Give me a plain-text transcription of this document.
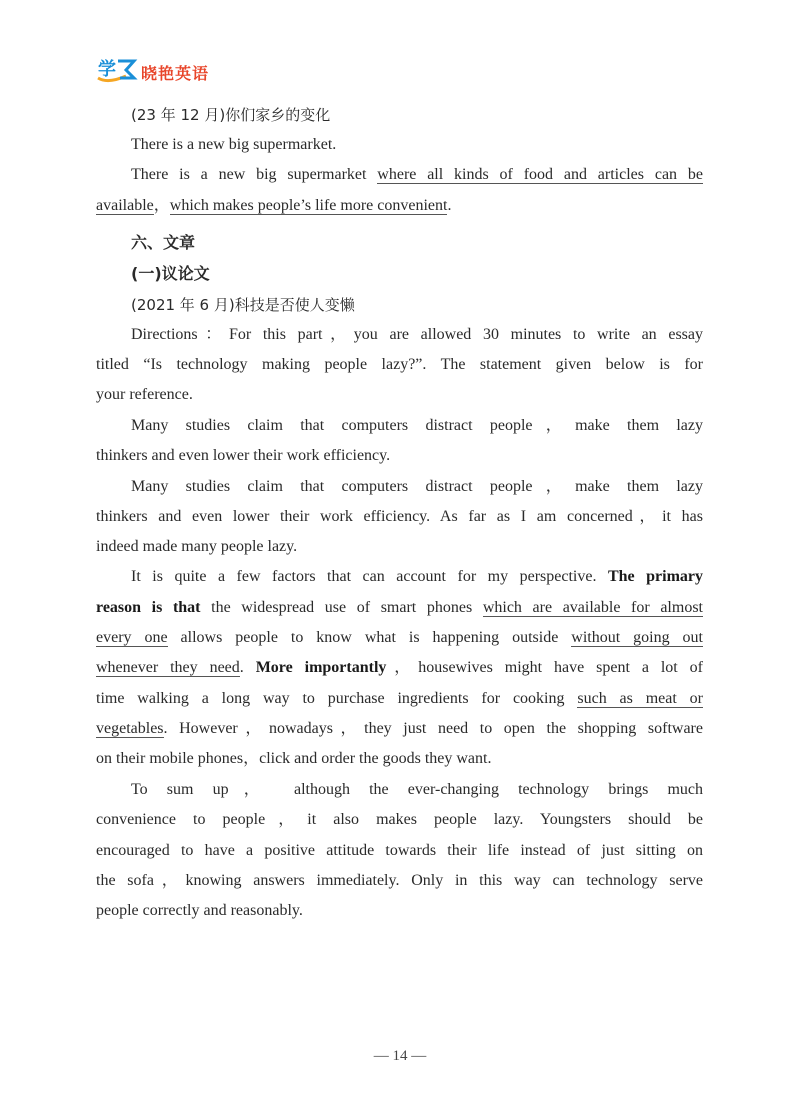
学 晓艳英语
(23 年 12 月)你们家乡的变化
There is a new big supermarket.
There is a new big supermarket where all kinds of food and articles can be
available，which makes people’s life more convenient.
六、文章
(一)议论文
(2021 年 6 月)科技是否使人变懒
Directions：For this part，you are allowed 30 minutes to write an essay
titled “Is technology making people lazy?”. The statement given below is for
your reference.
Many studies claim that computers distract people，make them lazy
thinkers and even lower their work efficiency.
Many studies claim that computers distract people，make them lazy
thinkers and even lower their work efficiency. As far as I am concerned，it has
indeed made many people lazy.
It is quite a few factors that can account for my perspective. The primary
reason is that the widespread use of smart phones which are available for almost
every one allows people to know what is happening outside without going out
whenever they need. More importantly，housewives might have spent a lot of
time walking a long way to purchase ingredients for cooking such as meat or
vegetables. However，nowadays，they just need to open the shopping software
on their mobile phones，click and order the goods they want.
To sum up， although the ever-changing technology brings much
convenience to people，it also makes people lazy. Youngsters should be
encouraged to have a positive attitude towards their life instead of just sitting on
the sofa，knowing answers immediately. Only in this way can technology serve
people correctly and reasonably.
— 14 —
